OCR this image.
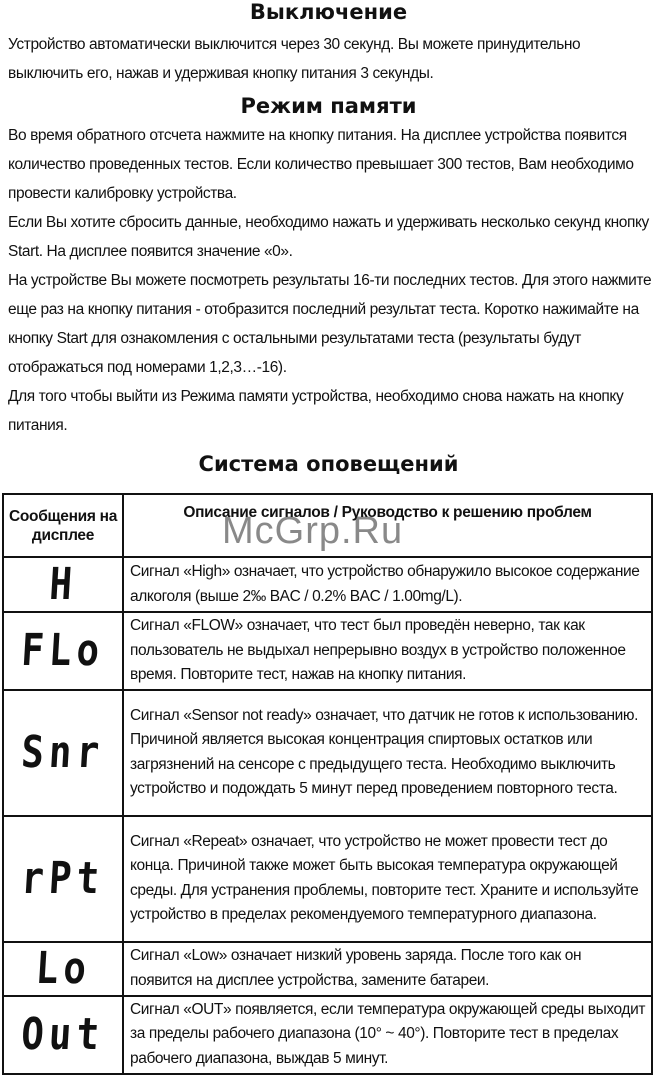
Выключение

Устройство автоматически выключится через 30 секунд. Вы можете принудительно выключить его, нажав и удерживая кнопку питания 3 секунды.

Режим памяти

Во время обратного отсчета нажмите на кнопку питания. На дисплее устройства появится количество проведенных тестов. Если количество превышает 300 тестов, Вам необходимо провести калибровку устройства.

Если Вы хотите сбросить данные, необходимо нажать и удерживать несколько секунд кнопку Start. На дисплее появится значение «0».

На устройстве Вы можете посмотреть результаты 16-ти последних тестов. Для этого нажмите еще раз на кнопку питания - отобразится последний результат теста. Коротко нажимайте на кнопку Start для ознакомления с остальными результатами теста (результаты будут отображаться под номерами 1,2,3…-16).

Для того чтобы выйти из Режима памяти устройства, необходимо снова нажать на кнопку питания.

Система оповещений
Сообщения на дисплее	Описание сигналов / Руководство к решению проблем
H	Сигнал «High» означает, что устройство обнаружило высокое содержание алкоголя (выше 2‰ BAC / 0.2% BAC / 1.00mg/L).
FLo	Сигнал «FLOW» означает, что тест был проведён неверно, так как пользователь не выдыхал непрерывно воздух в устройство положенное время. Повторите тест, нажав на кнопку питания.
Snr	Сигнал «Sensor not ready» означает, что датчик не готов к использованию. Причиной является высокая концентрация спиртовых остатков или загрязнений на сенсоре с предыдущего теста. Необходимо выключить устройство и подождать 5 минут перед проведением повторного теста.
rPt	Сигнал «Repeat» означает, что устройство не может провести тест до конца. Причиной также может быть высокая температура окружающей среды. Для устранения проблемы, повторите тест. Храните и используйте устройство в пределах рекомендуемого температурного диапазона.
Lo	Сигнал «Low» означает низкий уровень заряда. После того как он появится на дисплее устройства, замените батареи.
Out	Сигнал «OUT» появляется, если температура окружающей среды выходит за пределы рабочего диапазона (10° ~ 40°). Повторите тест в пределах рабочего диапазона, выждав 5 минут.
McGrp.Ru
